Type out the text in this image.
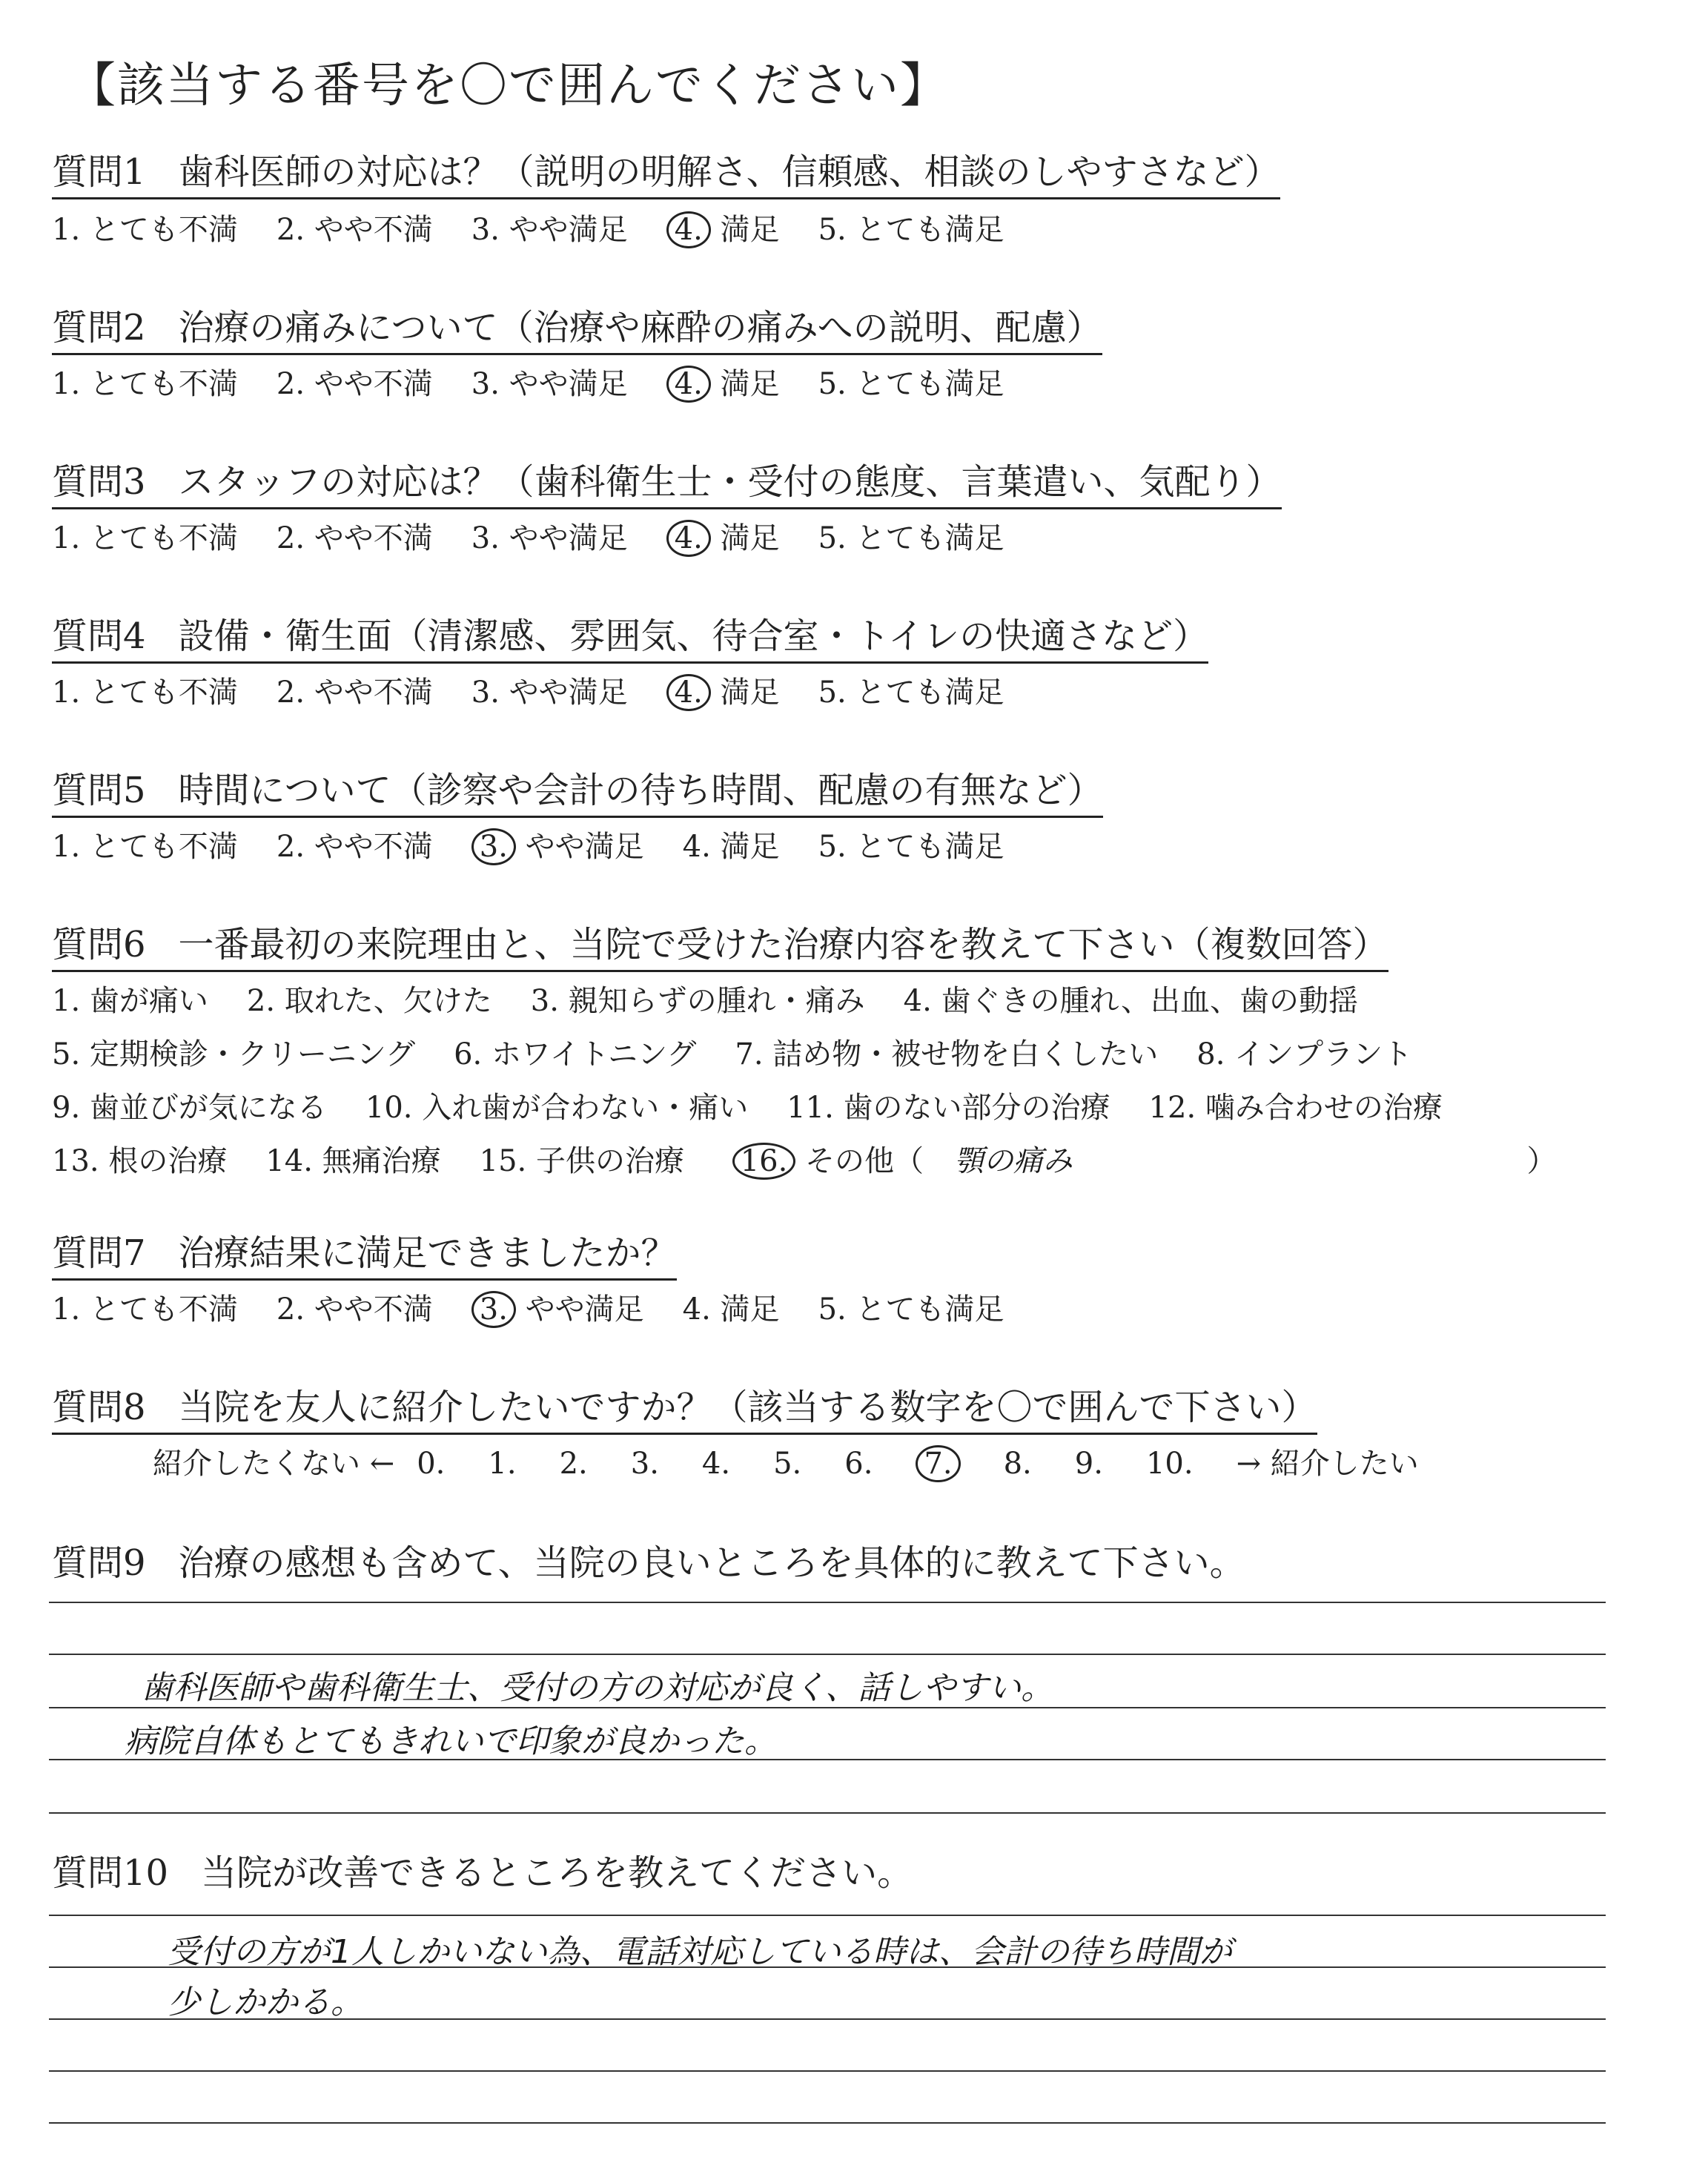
【該当する番号を〇で囲んでください】
質問1 歯科医師の対応は？（説明の明解さ、信頼感、相談のしやすさなど）
1. とても不満 2. やや不満 3. やや満足 4. 満足 5. とても満足
質問2 治療の痛みについて（治療や麻酔の痛みへの説明、配慮）
1. とても不満 2. やや不満 3. やや満足 4. 満足 5. とても満足
質問3 スタッフの対応は？（歯科衛生士・受付の態度、言葉遣い、気配り）
1. とても不満 2. やや不満 3. やや満足 4. 満足 5. とても満足
質問4 設備・衛生面（清潔感、雰囲気、待合室・トイレの快適さなど）
1. とても不満 2. やや不満 3. やや満足 4. 満足 5. とても満足
質問5 時間について（診察や会計の待ち時間、配慮の有無など）
1. とても不満 2. やや不満 3. やや満足 4. 満足 5. とても満足
質問6 一番最初の来院理由と、当院で受けた治療内容を教えて下さい（複数回答）
1. 歯が痛い 2. 取れた、欠けた 3. 親知らずの腫れ・痛み 4. 歯ぐきの腫れ、出血、歯の動揺
5. 定期検診・クリーニング 6. ホワイトニング 7. 詰め物・被せ物を白くしたい 8. インプラント
9. 歯並びが気になる 10. 入れ歯が合わない・痛い 11. 歯のない部分の治療 12. 噛み合わせの治療
13. 根の治療 14. 無痛治療 15. 子供の治療 16. その他（ 顎の痛み	）
質問7 治療結果に満足できましたか？
1. とても不満 2. やや不満 3. やや満足 4. 満足 5. とても満足
質問8 当院を友人に紹介したいですか？（該当する数字を〇で囲んで下さい）
紹介したくない ← 0. 1. 2. 3. 4. 5. 6. 7. 8. 9. 10. → 紹介したい
質問9 治療の感想も含めて、当院の良いところを具体的に教えて下さい。
歯科医師や歯科衛生士、受付の方の対応が良く、話しやすい。
病院自体もとてもきれいで印象が良かった。
質問10 当院が改善できるところを教えてください。
受付の方が1人しかいない為、電話対応している時は、会計の待ち時間が
少しかかる。
